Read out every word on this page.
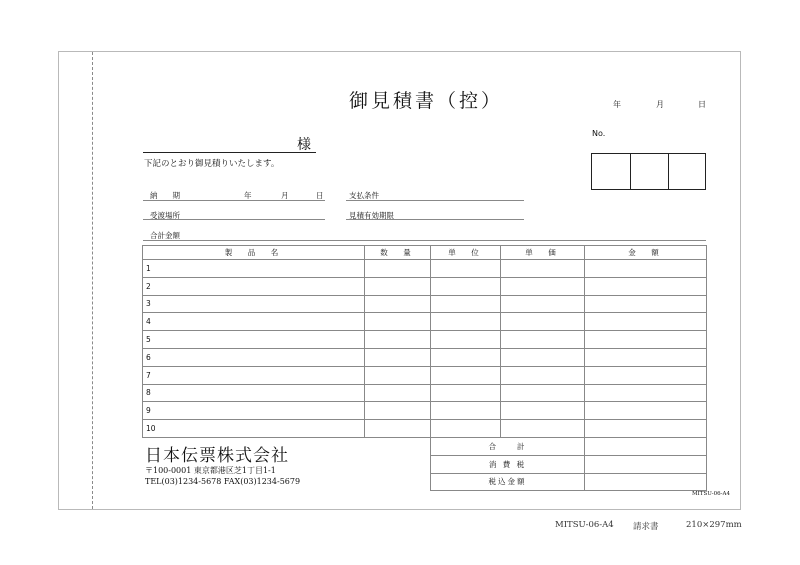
御見積書（控）	年	月	日
No.
様
下記のとおり御見積りいたします。
納　　期	年	月	日	支払条件
受渡場所	見積有効期限
合計金額
製　品　名	数　量	単　位	単　価	金　額
1				
2				
3				
4				
5				
6				
7				
8				
9				
10				
		合　　計		
		消 費 税		
		税込金額		
日本伝票株式会社
〒100-0001 東京都港区芝1丁目1-1
TEL(03)1234-5678 FAX(03)1234-5679
MITSU-06-A4
MITSU-06-A4 請求書	210×297mm
